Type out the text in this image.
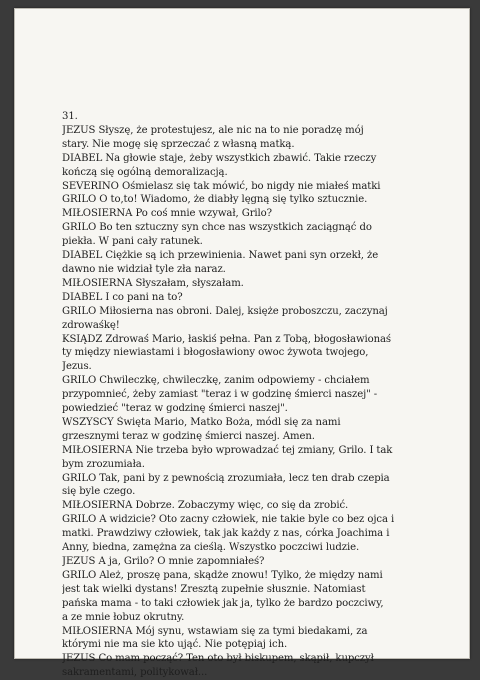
31.
JEZUS Słyszę, że protestujesz, ale nic na to nie poradzę mój
stary. Nie mogę się sprzeczać z własną matką.
DIABEL Na głowie staje, żeby wszystkich zbawić. Takie rzeczy
kończą się ogólną demoralizacją.
SEVERINO Ośmielasz się tak mówić, bo nigdy nie miałeś matki
GRILO O to,to! Wiadomo, że diabły lęgną się tylko sztucznie.
MIŁOSIERNA Po coś mnie wzywał, Grilo?
GRILO Bo ten sztuczny syn chce nas wszystkich zaciągnąć do
piekła. W pani cały ratunek.
DIABEL Ciężkie są ich przewinienia. Nawet pani syn orzekł, że
dawno nie widział tyle zła naraz.
MIŁOSIERNA Słyszałam, słyszałam.
DIABEL I co pani na to?
GRILO Miłosierna nas obroni. Dalej, księże proboszczu, zaczynaj
zdrowaśkę!
KSIĄDZ Zdrowaś Mario, łaskiś pełna. Pan z Tobą, błogosławionaś
ty między niewiastami i błogosławiony owoc żywota twojego,
Jezus.
GRILO Chwileczkę, chwileczkę, zanim odpowiemy - chciałem
przypomnieć, żeby zamiast "teraz i w godzinę śmierci naszej" -
powiedzieć "teraz w godzinę śmierci naszej".
WSZYSCY Święta Mario, Matko Boża, módl się za nami
grzesznymi teraz w godzinę śmierci naszej. Amen.
MIŁOSIERNA Nie trzeba było wprowadzać tej zmiany, Grilo. I tak
bym zrozumiała.
GRILO Tak, pani by z pewnością zrozumiała, lecz ten drab czepia
się byle czego.
MIŁOSIERNA Dobrze. Zobaczymy więc, co się da zrobić.
GRILO A widzicie? Oto zacny człowiek, nie takie byle co bez ojca i
matki. Prawdziwy człowiek, tak jak każdy z nas, córka Joachima i
Anny, biedna, zamężna za cieślą. Wszystko poczciwi ludzie.
JEZUS A ja, Grilo? O mnie zapomniałeś?
GRILO Ależ, proszę pana, skądże znowu! Tylko, że między nami
jest tak wielki dystans! Zresztą zupełnie słusznie. Natomiast
pańska mama - to taki człowiek jak ja, tylko że bardzo poczciwy,
a ze mnie łobuz okrutny.
MIŁOSIERNA Mój synu, wstawiam się za tymi biedakami, za
którymi nie ma sie kto ująć. Nie potępiaj ich.
JEZUS Co mam począć? Ten oto był biskupem, skąpił, kupczył
sakramentami, politykował...
